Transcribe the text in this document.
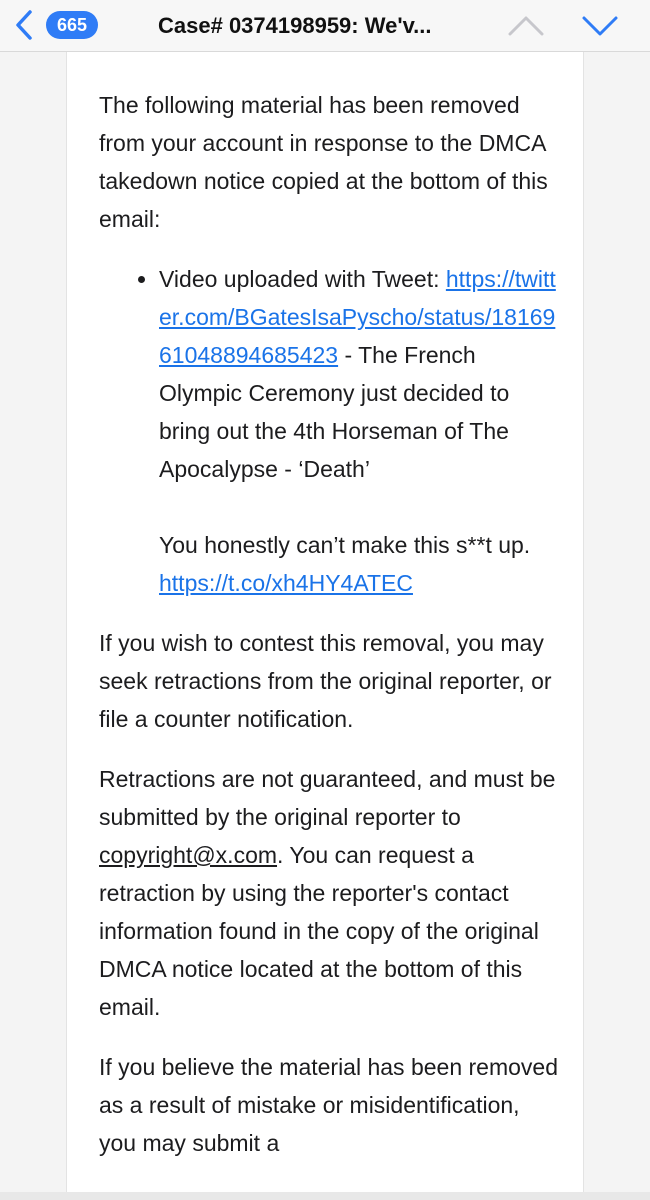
665	Case# 0374198959: We'v...

The following material has been removed from your account in response to the DMCA takedown notice copied at the bottom of this email:

• Video uploaded with Tweet: https://twitter.com/BGatesIsaPyscho/status/1816961048894685423 - The French Olympic Ceremony just decided to bring out the 4th Horseman of The Apocalypse - ‘Death’
You honestly can’t make this s**t up. https://t.co/xh4HY4ATEC

If you wish to contest this removal, you may seek retractions from the original reporter, or file a counter notification.

Retractions are not guaranteed, and must be submitted by the original reporter to copyright@x.com. You can request a retraction by using the reporter's contact information found in the copy of the original DMCA notice located at the bottom of this email.

If you believe the material has been removed as a result of mistake or misidentification, you may submit a
